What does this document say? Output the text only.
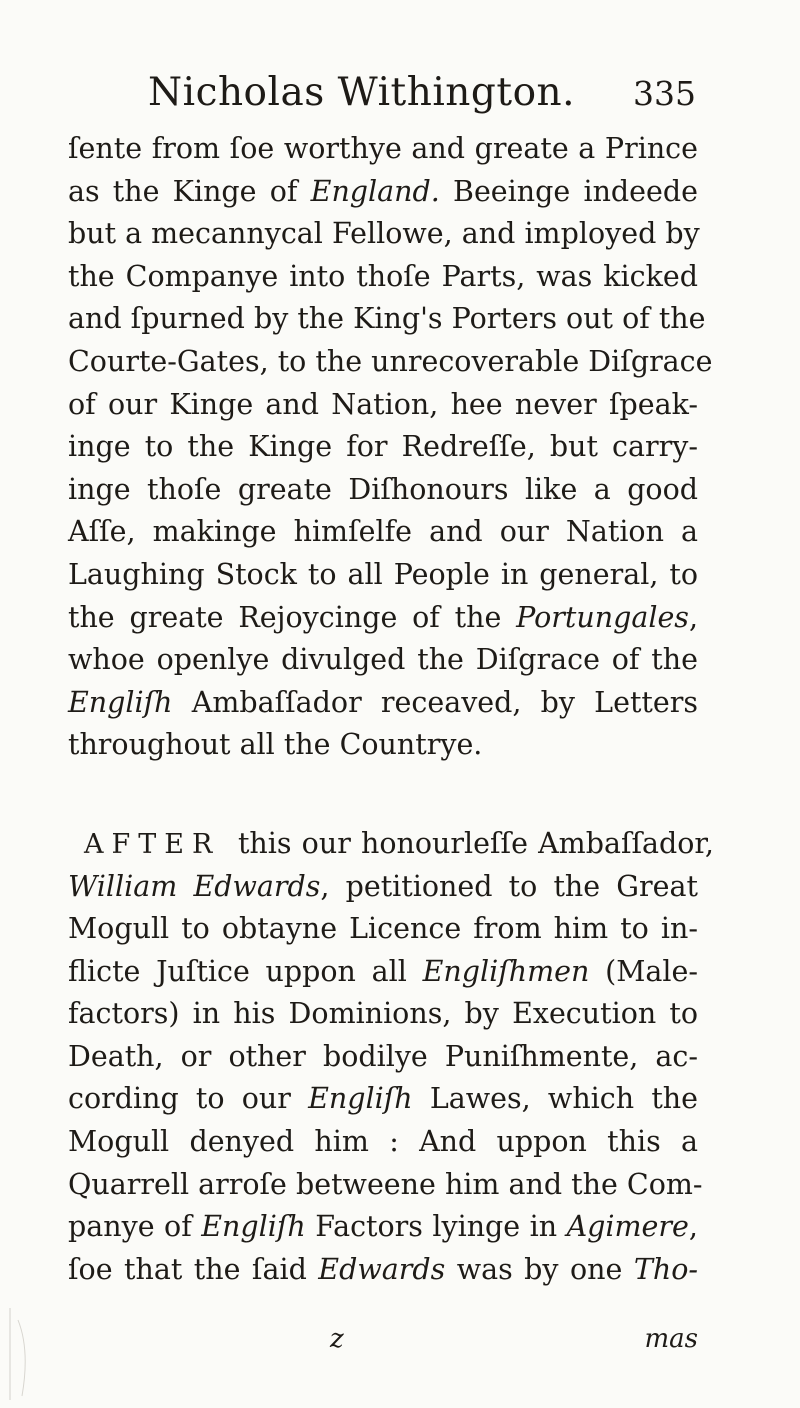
Nicholas Withington. 335
ſente from ſoe worthye and greate a Prince
as the Kinge of England. Beeinge indeede
but a mecannycal Fellowe, and imployed by
the Companye into thoſe Parts, was kicked
and ſpurned by the King's Porters out of the
Courte-Gates, to the unrecoverable Diſgrace
of our Kinge and Nation, hee never ſpeak-
inge to the Kinge for Redreſſe, but carry-
inge thoſe greate Diſhonours like a good
Aſſe, makinge himſelfe and our Nation a
Laughing Stock to all People in general, to
the greate Rejoycinge of the Portungales,
whoe openlye divulged the Diſgrace of the
Engliſh Ambaſſador receaved, by Letters
throughout all the Countrye.
AFTER this our honourleſſe Ambaſſador,
William Edwards, petitioned to the Great
Mogull to obtayne Licence from him to in-
flicte Juſtice uppon all Engliſhmen (Male-
factors) in his Dominions, by Execution to
Death, or other bodilye Puniſhmente, ac-
cording to our Engliſh Lawes, which the
Mogull denyed him : And uppon this a
Quarrell arroſe betweene him and the Com-
panye of Engliſh Factors lyinge in Agimere,
ſoe that the ſaid Edwards was by one Tho-
z	mas
